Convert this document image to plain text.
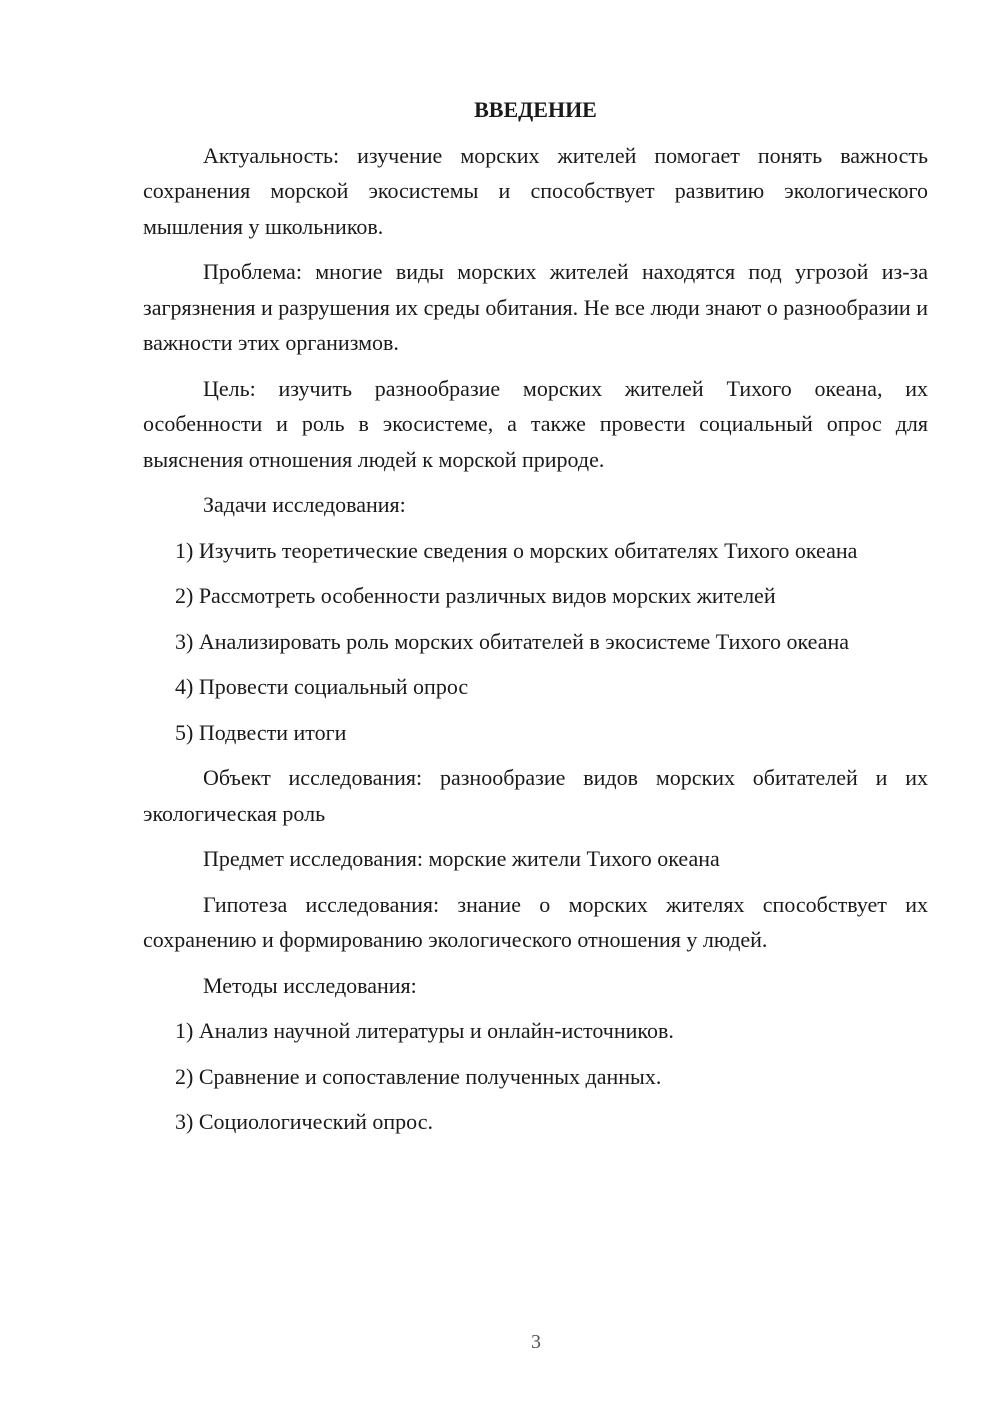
ВВЕДЕНИЕ
Актуальность: изучение морских жителей помогает понять важность сохранения морской экосистемы и способствует развитию экологического мышления у школьников.
Проблема: многие виды морских жителей находятся под угрозой из-за загрязнения и разрушения их среды обитания. Не все люди знают о разнообразии и важности этих организмов.
Цель: изучить разнообразие морских жителей Тихого океана, их особенности и роль в экосистеме, а также провести социальный опрос для выяснения отношения людей к морской природе.
Задачи исследования:
1) Изучить теоретические сведения о морских обитателях Тихого океана
2) Рассмотреть особенности различных видов морских жителей
3) Анализировать роль морских обитателей в экосистеме Тихого океана
4) Провести социальный опрос
5) Подвести итоги
Объект исследования: разнообразие видов морских обитателей и их экологическая роль
Предмет исследования: морские жители Тихого океана
Гипотеза исследования: знание о морских жителях способствует их сохранению и формированию экологического отношения у людей.
Методы исследования:
1) Анализ научной литературы и онлайн-источников.
2) Сравнение и сопоставление полученных данных.
3) Социологический опрос.
3
